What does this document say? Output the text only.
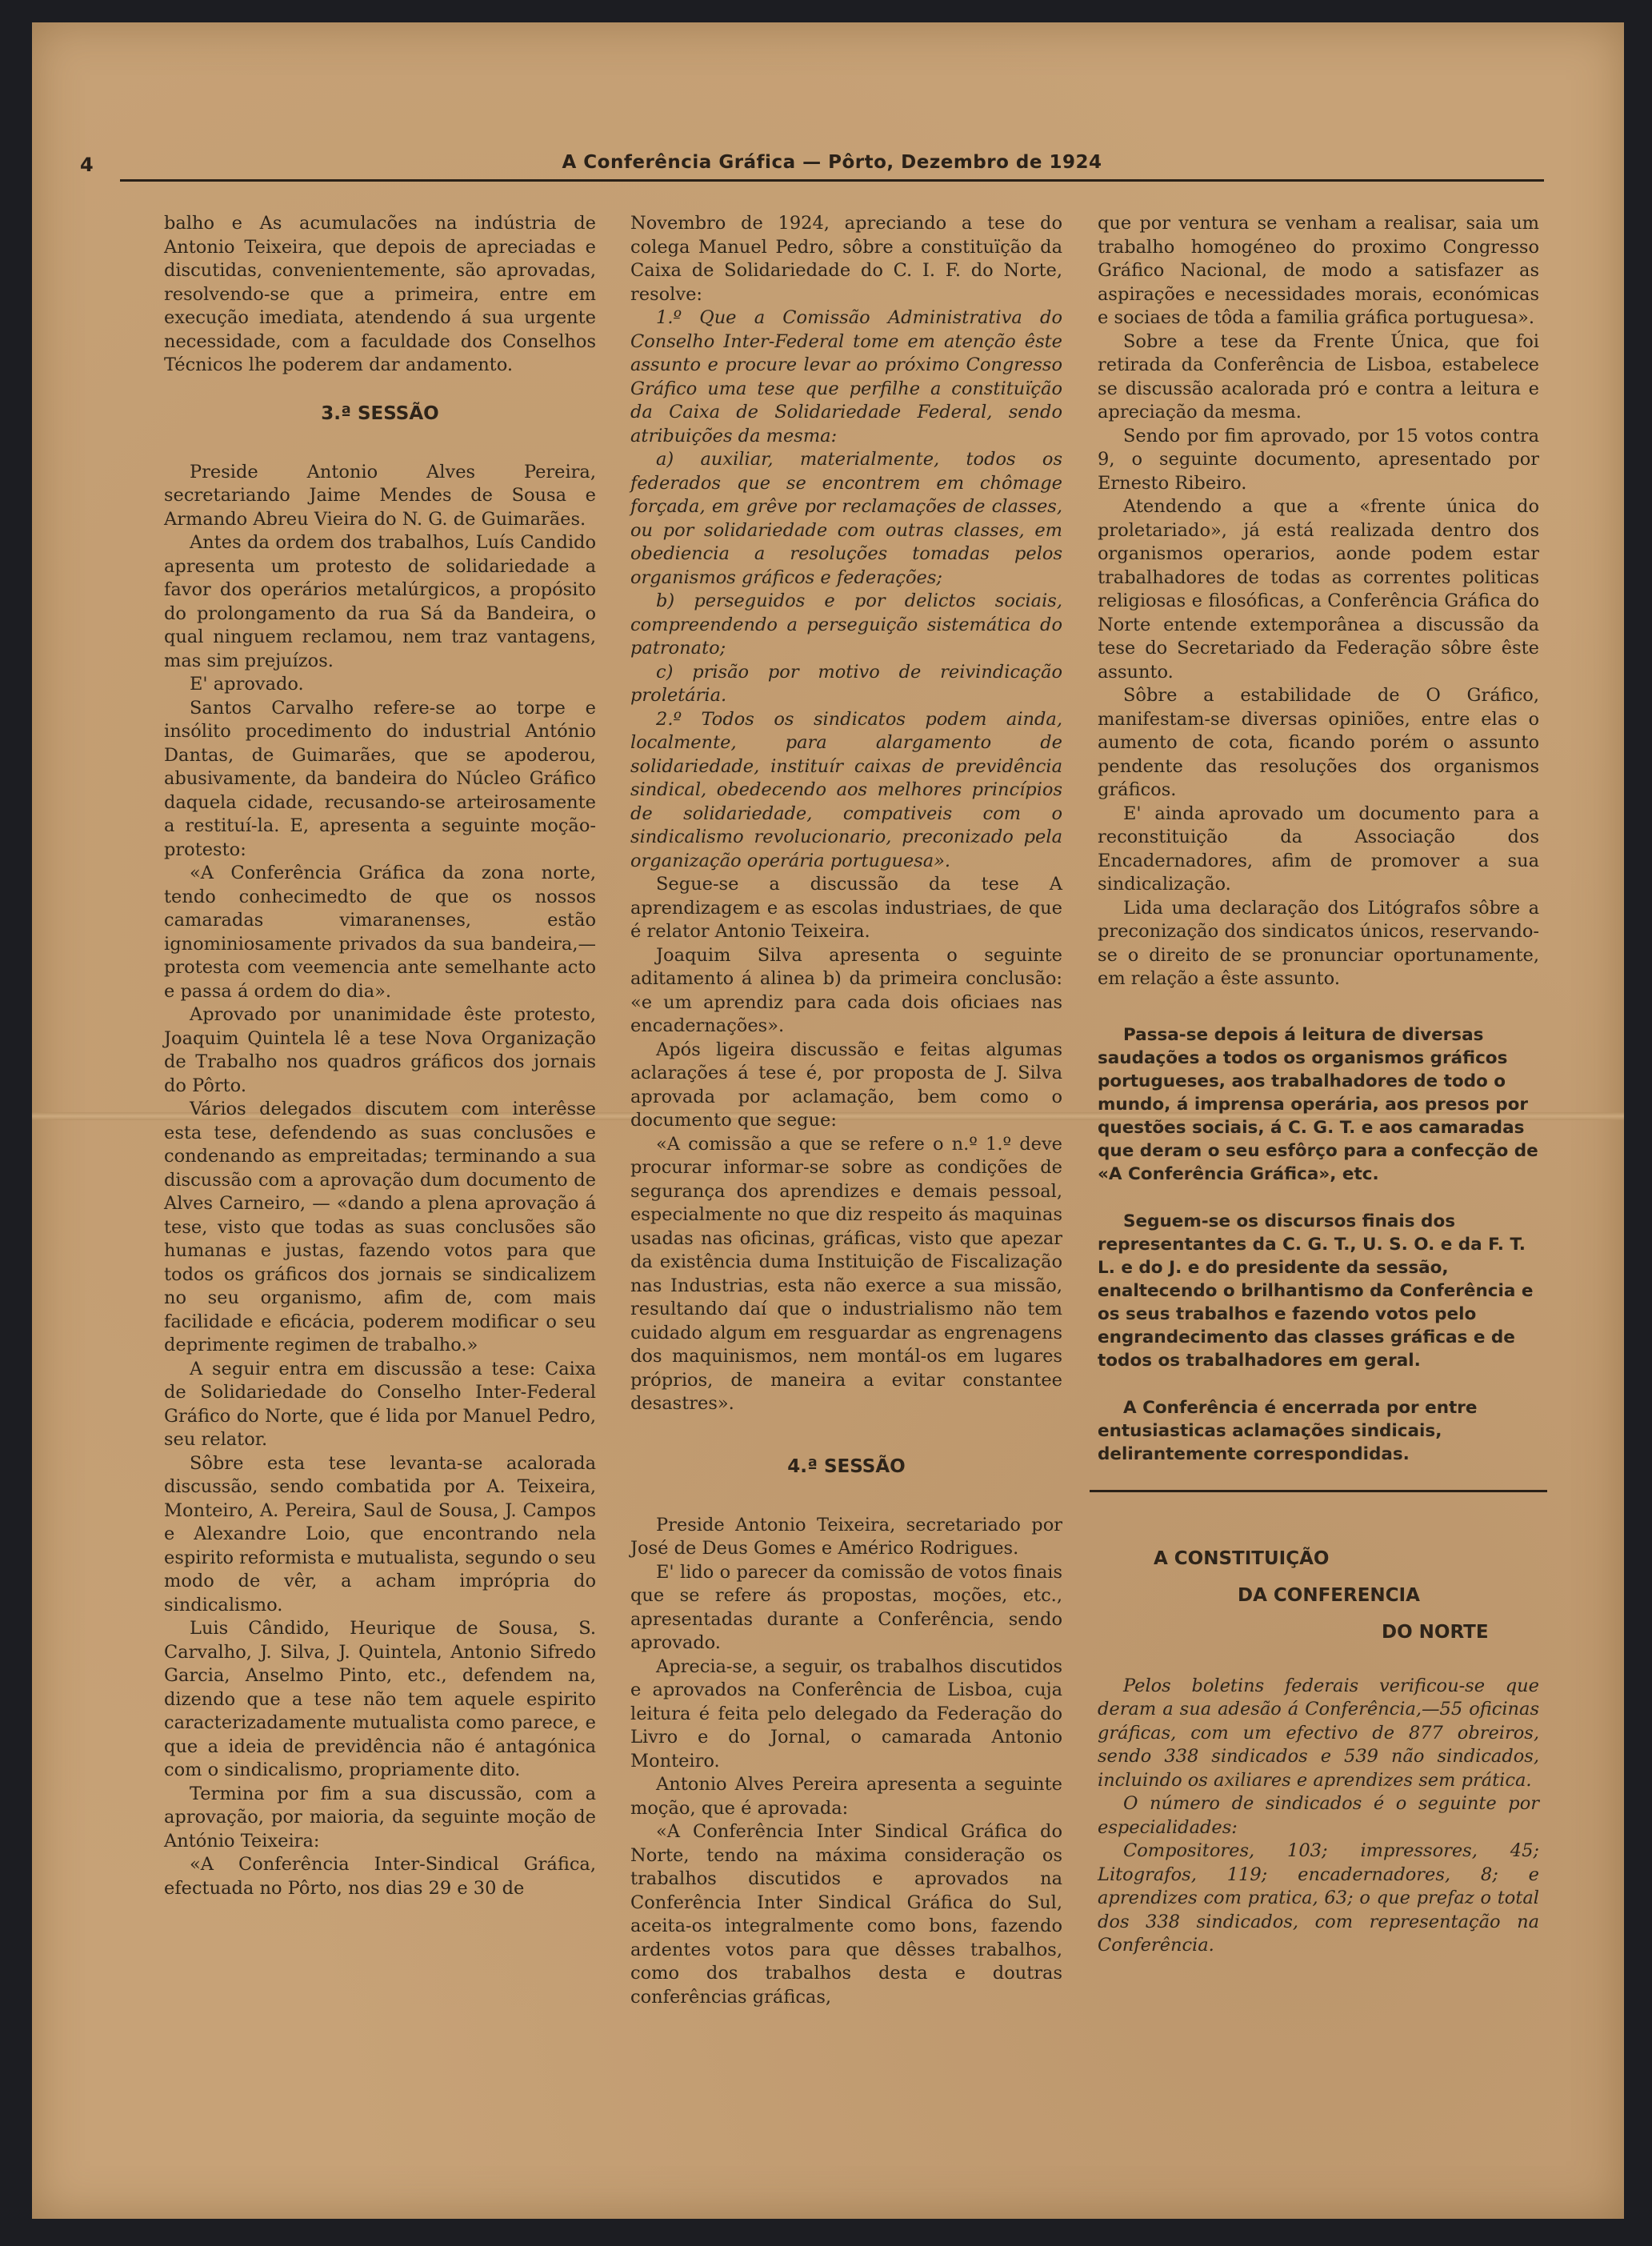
4	A Conferência Gráfica — Pôrto, Dezembro de 1924

balho e As acumulacões na indústria de Antonio Teixeira, que depois de apreciadas e discutidas, convenientemente, são aprovadas, resolvendo-se que a primeira, entre em execução imediata, atendendo á sua urgente necessidade, com a faculdade dos Conselhos Técnicos lhe poderem dar andamento.

3.ª SESSÃO

Preside Antonio Alves Pereira, secretariando Jaime Mendes de Sousa e Armando Abreu Vieira do N. G. de Guimarães.

Antes da ordem dos trabalhos, Luís Candido apresenta um protesto de solidariedade a favor dos operários metalúrgicos, a propósito do prolongamento da rua Sá da Bandeira, o qual ninguem reclamou, nem traz vantagens, mas sim prejuízos.

E' aprovado.

Santos Carvalho refere-se ao torpe e insólito procedimento do industrial António Dantas, de Guimarães, que se apoderou, abusivamente, da bandeira do Núcleo Gráfico daquela cidade, recusando-se arteirosamente a restituí-la. E, apresenta a seguinte moção-protesto:

«A Conferência Gráfica da zona norte, tendo conhecimedto de que os nossos camaradas vimaranenses, estão ignominiosamente privados da sua bandeira,— protesta com veemencia ante semelhante acto e passa á ordem do dia».

Aprovado por unanimidade êste protesto, Joaquim Quintela lê a tese Nova Organização de Trabalho nos quadros gráficos dos jornais do Pôrto.

Vários delegados discutem com interêsse esta tese, defendendo as suas conclusões e condenando as empreitadas; terminando a sua discussão com a aprovação dum documento de Alves Carneiro, — «dando a plena aprovação á tese, visto que todas as suas conclusões são humanas e justas, fazendo votos para que todos os gráficos dos jornais se sindicalizem no seu organismo, afim de, com mais facilidade e eficácia, poderem modificar o seu deprimente regimen de trabalho.»

A seguir entra em discussão a tese: Caixa de Solidariedade do Conselho Inter-Federal Gráfico do Norte, que é lida por Manuel Pedro, seu relator.

Sôbre esta tese levanta-se acalorada discussão, sendo combatida por A. Teixeira, Monteiro, A. Pereira, Saul de Sousa, J. Campos e Alexandre Loio, que encontrando nela espirito reformista e mutualista, segundo o seu modo de vêr, a acham imprópria do sindicalismo.

Luis Cândido, Heurique de Sousa, S. Carvalho, J. Silva, J. Quintela, Antonio Sifredo Garcia, Anselmo Pinto, etc., defendem na, dizendo que a tese não tem aquele espirito caracterizadamente mutualista como parece, e que a ideia de previdência não é antagónica com o sindicalismo, propriamente dito.

Termina por fim a sua discussão, com a aprovação, por maioria, da seguinte moção de António Teixeira:

«A Conferência Inter-Sindical Gráfica, efectuada no Pôrto, nos dias 29 e 30 de

Novembro de 1924, apreciando a tese do colega Manuel Pedro, sôbre a constituïção da Caixa de Solidariedade do C. I. F. do Norte, resolve:

1.º Que a Comissão Administrativa do Conselho Inter-Federal tome em atenção êste assunto e procure levar ao próximo Congresso Gráfico uma tese que perfilhe a constituïção da Caixa de Solidariedade Federal, sendo atribuições da mesma:

a) auxiliar, materialmente, todos os federados que se encontrem em chômage forçada, em grêve por reclamações de classes, ou por solidariedade com outras classes, em obediencia a resoluções tomadas pelos organismos gráficos e federações;

b) perseguidos e por delictos sociais, compreendendo a perseguição sistemática do patronato;

c) prisão por motivo de reivindicação proletária.

2.º Todos os sindicatos podem ainda, localmente, para alargamento de solidariedade, instituír caixas de previdência sindical, obedecendo aos melhores princípios de solidariedade, compativeis com o sindicalismo revolucionario, preconizado pela organização operária portuguesa».

Segue-se a discussão da tese A aprendizagem e as escolas industriaes, de que é relator Antonio Teixeira.

Joaquim Silva apresenta o seguinte aditamento á alinea b) da primeira conclusão: «e um aprendiz para cada dois oficiaes nas encadernações».

Após ligeira discussão e feitas algumas aclarações á tese é, por proposta de J. Silva aprovada por aclamação, bem como o documento que segue:

«A comissão a que se refere o n.º 1.º deve procurar informar-se sobre as condições de segurança dos aprendizes e demais pessoal, especialmente no que diz respeito ás maquinas usadas nas oficinas, gráficas, visto que apezar da existência duma Instituição de Fiscalização nas Industrias, esta não exerce a sua missão, resultando daí que o industrialismo não tem cuidado algum em resguardar as engrenagens dos maquinismos, nem montál-os em lugares próprios, de maneira a evitar constantee desastres».

4.ª SESSÃO

Preside Antonio Teixeira, secretariado por José de Deus Gomes e Américo Rodrigues.

E' lido o parecer da comissão de votos finais que se refere ás propostas, moções, etc., apresentadas durante a Conferência, sendo aprovado.

Aprecia-se, a seguir, os trabalhos discutidos e aprovados na Conferência de Lisboa, cuja leitura é feita pelo delegado da Federação do Livro e do Jornal, o camarada Antonio Monteiro.

Antonio Alves Pereira apresenta a seguinte moção, que é aprovada:

«A Conferência Inter Sindical Gráfica do Norte, tendo na máxima consideração os trabalhos discutidos e aprovados na Conferência Inter Sindical Gráfica do Sul, aceita-os integralmente como bons, fazendo ardentes votos para que dêsses trabalhos, como dos trabalhos desta e doutras conferências gráficas,

que por ventura se venham a realisar, saia um trabalho homogéneo do proximo Congresso Gráfico Nacional, de modo a satisfazer as aspirações e necessidades morais, económicas e sociaes de tôda a familia gráfica portuguesa».

Sobre a tese da Frente Única, que foi retirada da Conferência de Lisboa, estabelece se discussão acalorada pró e contra a leitura e apreciação da mesma.

Sendo por fim aprovado, por 15 votos contra 9, o seguinte documento, apresentado por Ernesto Ribeiro.

Atendendo a que a «frente única do proletariado», já está realizada dentro dos organismos operarios, aonde podem estar trabalhadores de todas as correntes politicas religiosas e filosóficas, a Conferência Gráfica do Norte entende extemporânea a discussão da tese do Secretariado da Federação sôbre êste assunto.

Sôbre a estabilidade de O Gráfico, manifestam-se diversas opiniões, entre elas o aumento de cota, ficando porém o assunto pendente das resoluções dos organismos gráficos.

E' ainda aprovado um documento para a reconstituição da Associação dos Encadernadores, afim de promover a sua sindicalização.

Lida uma declaração dos Litógrafos sôbre a preconização dos sindicatos únicos, reservando-se o direito de se pronunciar oportunamente, em relação a êste assunto.

Passa-se depois á leitura de diversas saudações a todos os organismos gráficos portugueses, aos trabalhadores de todo o mundo, á imprensa operária, aos presos por questões sociais, á C. G. T. e aos camaradas que deram o seu esfôrço para a confecção de «A Conferência Gráfica», etc.

Seguem-se os discursos finais dos representantes da C. G. T., U. S. O. e da F. T. L. e do J. e do presidente da sessão, enaltecendo o brilhantismo da Conferência e os seus trabalhos e fazendo votos pelo engrandecimento das classes gráficas e de todos os trabalhadores em geral.

A Conferência é encerrada por entre entusiasticas aclamações sindicais, delirantemente correspondidas.

A CONSTITUIÇÃO
DA CONFERENCIA
DO NORTE

Pelos boletins federais verificou-se que deram a sua adesão á Conferência,—55 oficinas gráficas, com um efectivo de 877 obreiros, sendo 338 sindicados e 539 não sindicados, incluindo os axiliares e aprendizes sem prática.

O número de sindicados é o seguinte por especialidades:

Compositores, 103; impressores, 45; Litografos, 119; encadernadores, 8; e aprendizes com pratica, 63; o que prefaz o total dos 338 sindicados, com representação na Conferência.
